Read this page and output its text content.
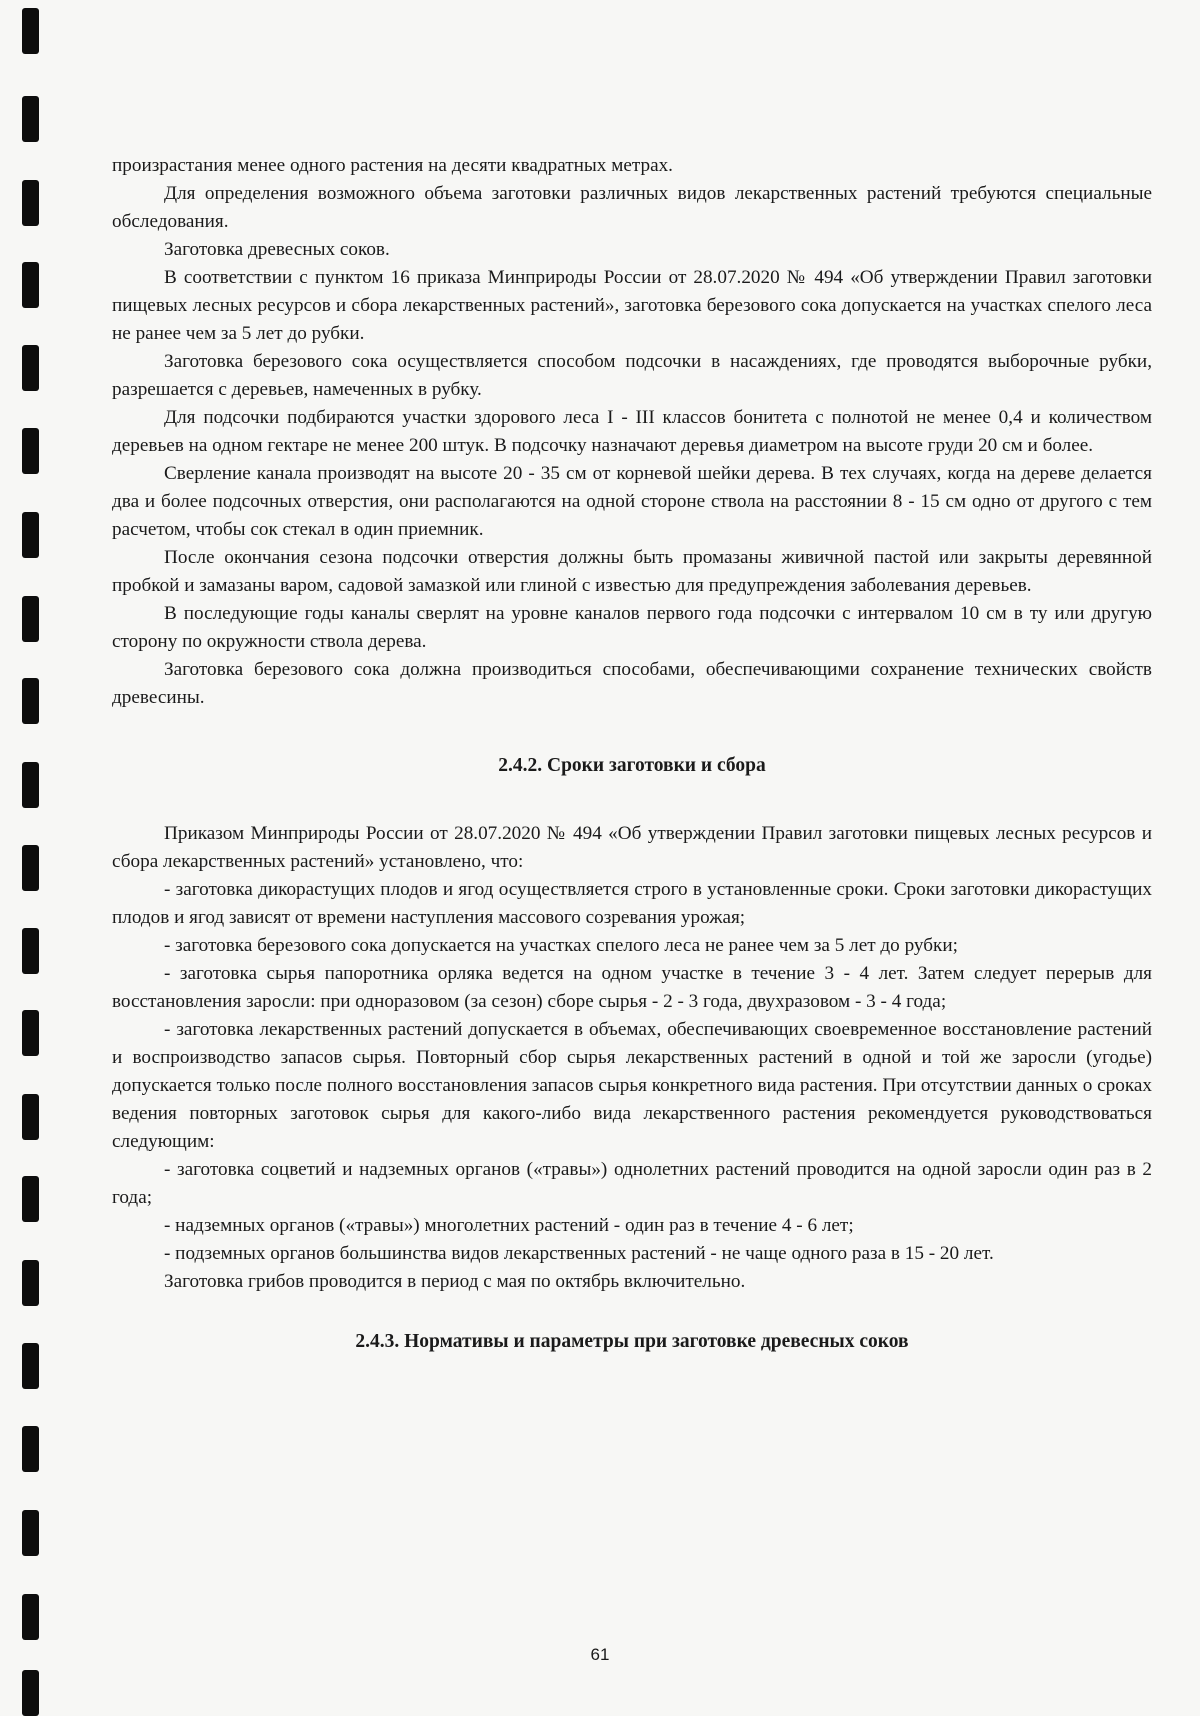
произрастания менее одного растения на десяти квадратных метрах.

Для определения возможного объема заготовки различных видов лекарственных растений требуются специальные обследования.

Заготовка древесных соков.

В соответствии с пунктом 16 приказа Минприроды России от 28.07.2020 № 494 «Об утверждении Правил заготовки пищевых лесных ресурсов и сбора лекарственных растений», заготовка березового сока допускается на участках спелого леса не ранее чем за 5 лет до рубки.

Заготовка березового сока осуществляется способом подсочки в насаждениях, где проводятся выборочные рубки, разрешается с деревьев, намеченных в рубку.

Для подсочки подбираются участки здорового леса I - III классов бонитета с полнотой не менее 0,4 и количеством деревьев на одном гектаре не менее 200 штук. В подсочку назначают деревья диаметром на высоте груди 20 см и более.

Сверление канала производят на высоте 20 - 35 см от корневой шейки дерева. В тех случаях, когда на дереве делается два и более подсочных отверстия, они располагаются на одной стороне ствола на расстоянии 8 - 15 см одно от другого с тем расчетом, чтобы сок стекал в один приемник.

После окончания сезона подсочки отверстия должны быть промазаны живичной пастой или закрыты деревянной пробкой и замазаны варом, садовой замазкой или глиной с известью для предупреждения заболевания деревьев.

В последующие годы каналы сверлят на уровне каналов первого года подсочки с интервалом 10 см в ту или другую сторону по окружности ствола дерева.

Заготовка березового сока должна производиться способами, обеспечивающими сохранение технических свойств древесины.

2.4.2. Сроки заготовки и сбора

Приказом Минприроды России от 28.07.2020 № 494 «Об утверждении Правил заготовки пищевых лесных ресурсов и сбора лекарственных растений» установлено, что:

- заготовка дикорастущих плодов и ягод осуществляется строго в установленные сроки. Сроки заготовки дикорастущих плодов и ягод зависят от времени наступления массового созревания урожая;

- заготовка березового сока допускается на участках спелого леса не ранее чем за 5 лет до рубки;

- заготовка сырья папоротника орляка ведется на одном участке в течение 3 - 4 лет. Затем следует перерыв для восстановления заросли: при одноразовом (за сезон) сборе сырья - 2 - 3 года, двухразовом - 3 - 4 года;

- заготовка лекарственных растений допускается в объемах, обеспечивающих своевременное восстановление растений и воспроизводство запасов сырья. Повторный сбор сырья лекарственных растений в одной и той же заросли (угодье) допускается только после полного восстановления запасов сырья конкретного вида растения. При отсутствии данных о сроках ведения повторных заготовок сырья для какого-либо вида лекарственного растения рекомендуется руководствоваться следующим:

- заготовка соцветий и надземных органов («травы») однолетних растений проводится на одной заросли один раз в 2 года;

- надземных органов («травы») многолетних растений - один раз в течение 4 - 6 лет;

- подземных органов большинства видов лекарственных растений - не чаще одного раза в 15 - 20 лет.

Заготовка грибов проводится в период с мая по октябрь включительно.

2.4.3. Нормативы и параметры при заготовке древесных соков
61
